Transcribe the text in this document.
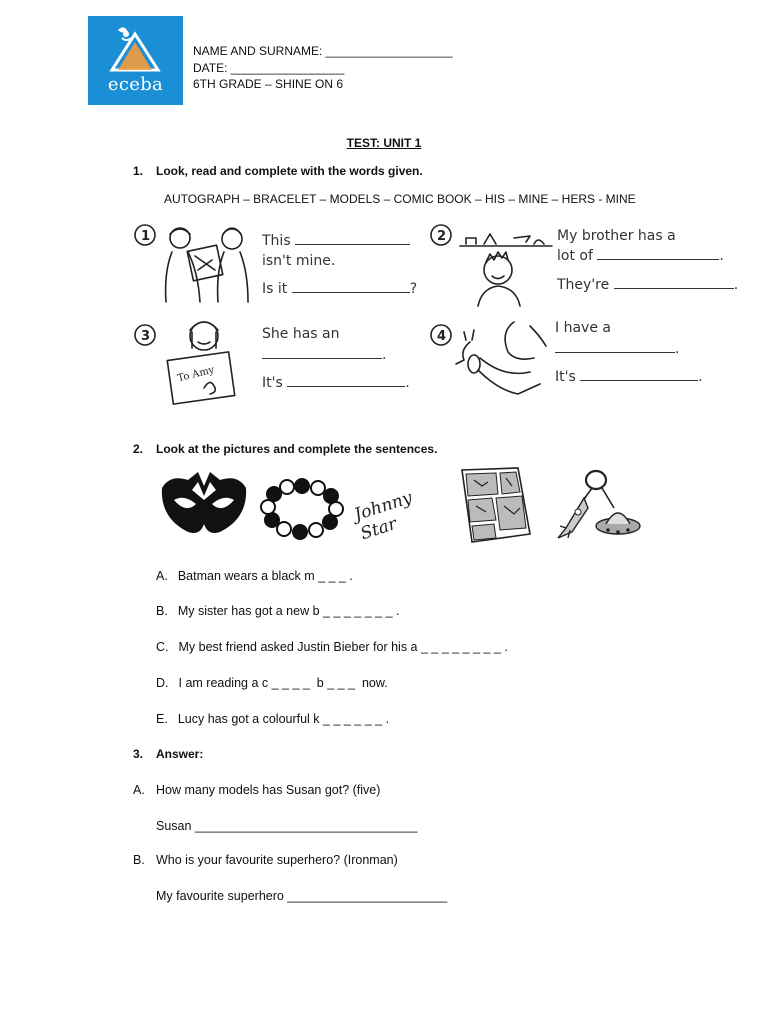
eceba
NAME AND SURNAME: ___________________
DATE: _________________
6TH GRADE – SHINE ON 6
TEST: UNIT 1
1. Look, read and complete with the words given.
AUTOGRAPH – BRACELET – MODELS – COMIC BOOK – HIS – MINE – HERS - MINE
1	This
isn't mine.
Is it	?
2	My brother has a
lot of	.
They're	.
3
To Amy
She has an
.
It's	.
4
I have a
.
It's	.
2. Look at the pictures and complete the sentences.
Johnny Star
A. Batman wears a black m _ _ _ .
B. My sister has got a new b _ _ _ _ _ _ _ .
C. My best friend asked Justin Bieber for his a _ _ _ _ _ _ _ _ .
D. I am reading a c _ _ _ _  b _ _ _  now.
E. Lucy has got a colourful k _ _ _ _ _ _ .
3. Answer:
A. How many models has Susan got? (five)
Susan ________________________________
B. Who is your favourite superhero? (Ironman)
My favourite superhero _______________________
